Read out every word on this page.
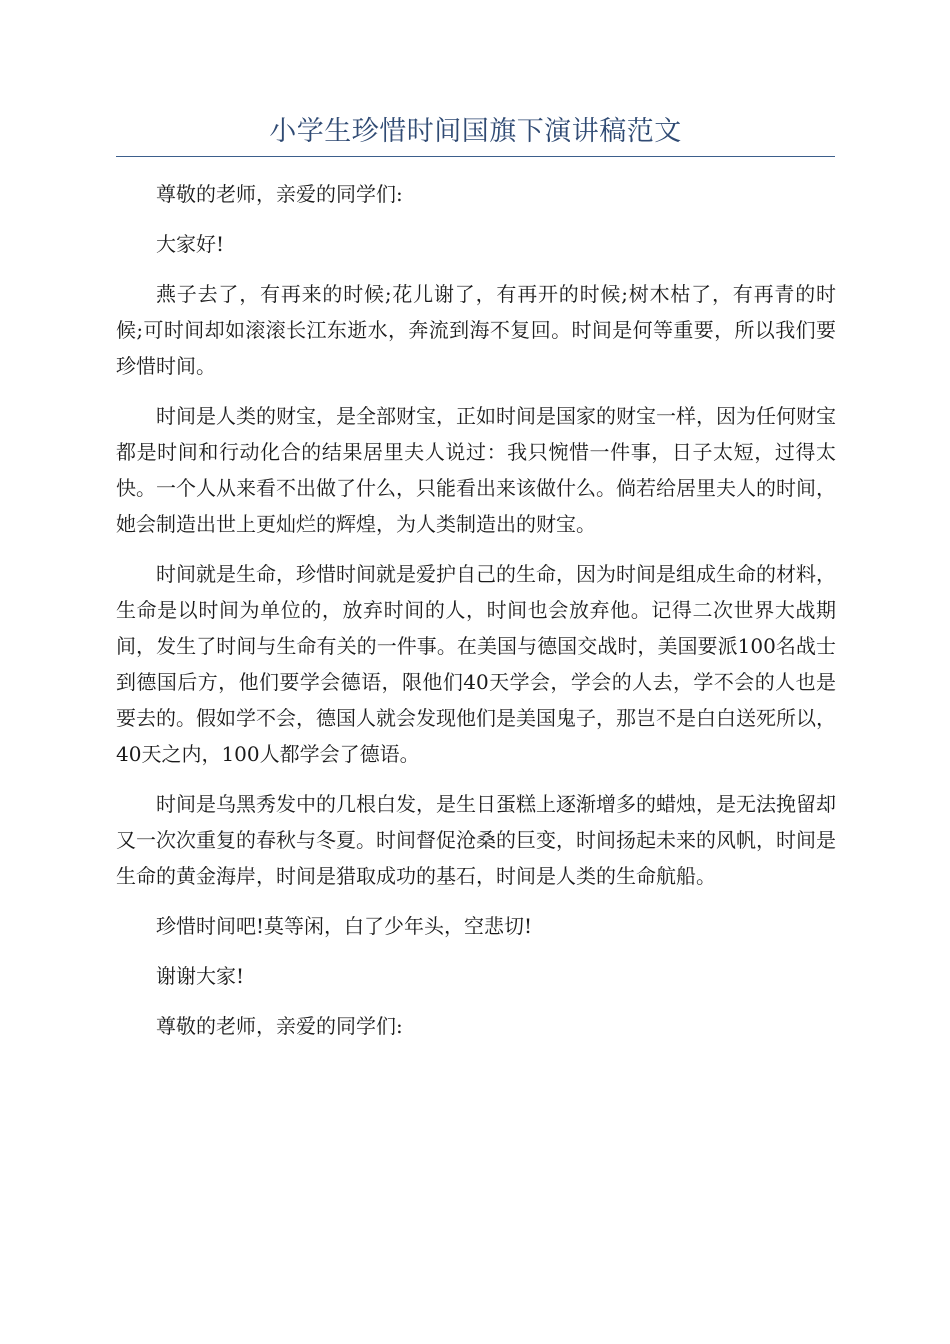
小学生珍惜时间国旗下演讲稿范文

尊敬的老师，亲爱的同学们:

大家好!

燕子去了，有再来的时候;花儿谢了，有再开的时候;树木枯了，有再青的时候;可时间却如滚滚长江东逝水，奔流到海不复回。时间是何等重要，所以我们要珍惜时间。

时间是人类的财宝，是全部财宝，正如时间是国家的财宝一样，因为任何财宝都是时间和行动化合的结果居里夫人说过：我只惋惜一件事，日子太短，过得太快。一个人从来看不出做了什么，只能看出来该做什么。倘若给居里夫人的时间，她会制造出世上更灿烂的辉煌，为人类制造出的财宝。

时间就是生命，珍惜时间就是爱护自己的生命，因为时间是组成生命的材料，生命是以时间为单位的，放弃时间的人，时间也会放弃他。记得二次世界大战期间，发生了时间与生命有关的一件事。在美国与德国交战时，美国要派100名战士到德国后方，他们要学会德语，限他们40天学会，学会的人去，学不会的人也是要去的。假如学不会，德国人就会发现他们是美国鬼子，那岂不是白白送死所以，40天之内，100人都学会了德语。

时间是乌黑秀发中的几根白发，是生日蛋糕上逐渐增多的蜡烛，是无法挽留却又一次次重复的春秋与冬夏。时间督促沧桑的巨变，时间扬起未来的风帆，时间是生命的黄金海岸，时间是猎取成功的基石，时间是人类的生命航船。

珍惜时间吧!莫等闲，白了少年头，空悲切!

谢谢大家!

尊敬的老师，亲爱的同学们:
